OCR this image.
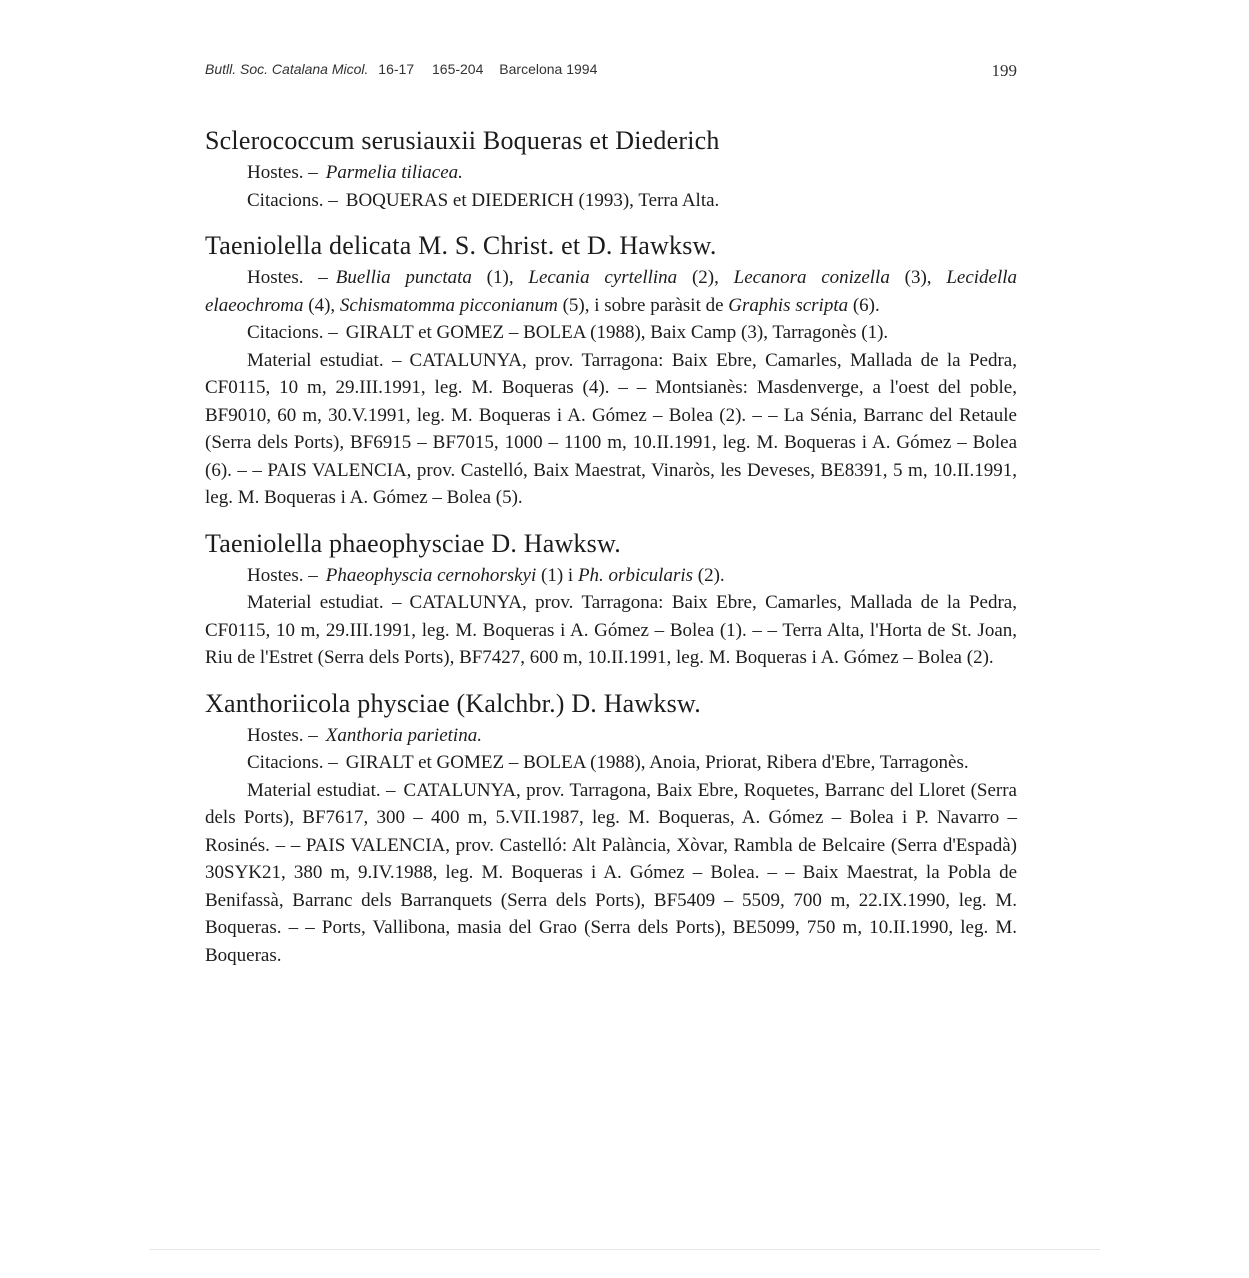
Butll. Soc. Catalana Micol. 16-17 165-204 Barcelona 1994	199
Sclerococcum serusiauxii Boqueras et Diederich

Hostes. – Parmelia tiliacea.

Citacions. – BOQUERAS et DIEDERICH (1993), Terra Alta.

Taeniolella delicata M. S. Christ. et D. Hawksw.

Hostes. – Buellia punctata (1), Lecania cyrtellina (2), Lecanora conizella (3), Lecidella elaeochroma (4), Schismatomma picconianum (5), i sobre paràsit de Graphis scripta (6).

Citacions. – GIRALT et GOMEZ – BOLEA (1988), Baix Camp (3), Tarragonès (1).

Material estudiat. – CATALUNYA, prov. Tarragona: Baix Ebre, Camarles, Mallada de la Pedra, CF0115, 10 m, 29.III.1991, leg. M. Boqueras (4). – – Montsianès: Masdenverge, a l'oest del poble, BF9010, 60 m, 30.V.1991, leg. M. Boqueras i A. Gómez – Bolea (2). – – La Sénia, Barranc del Retaule (Serra dels Ports), BF6915 – BF7015, 1000 – 1100 m, 10.II.1991, leg. M. Boqueras i A. Gómez – Bolea (6). – – PAIS VALENCIA, prov. Castelló, Baix Maestrat, Vinaròs, les Deveses, BE8391, 5 m, 10.II.1991, leg. M. Boqueras i A. Gómez – Bolea (5).

Taeniolella phaeophysciae D. Hawksw.

Hostes. – Phaeophyscia cernohorskyi (1) i Ph. orbicularis (2).

Material estudiat. – CATALUNYA, prov. Tarragona: Baix Ebre, Camarles, Mallada de la Pedra, CF0115, 10 m, 29.III.1991, leg. M. Boqueras i A. Gómez – Bolea (1). – – Terra Alta, l'Horta de St. Joan, Riu de l'Estret (Serra dels Ports), BF7427, 600 m, 10.II.1991, leg. M. Boqueras i A. Gómez – Bolea (2).

Xanthoriicola physciae (Kalchbr.) D. Hawksw.

Hostes. – Xanthoria parietina.

Citacions. – GIRALT et GOMEZ – BOLEA (1988), Anoia, Priorat, Ribera d'Ebre, Tarragonès.

Material estudiat. – CATALUNYA, prov. Tarragona, Baix Ebre, Roquetes, Barranc del Lloret (Serra dels Ports), BF7617, 300 – 400 m, 5.VII.1987, leg. M. Boqueras, A. Gómez – Bolea i P. Navarro – Rosinés. – – PAIS VALENCIA, prov. Castelló: Alt Palància, Xòvar, Rambla de Belcaire (Serra d'Espadà) 30SYK21, 380 m, 9.IV.1988, leg. M. Boqueras i A. Gómez – Bolea. – – Baix Maestrat, la Pobla de Benifassà, Barranc dels Barranquets (Serra dels Ports), BF5409 – 5509, 700 m, 22.IX.1990, leg. M. Boqueras. – – Ports, Vallibona, masia del Grao (Serra dels Ports), BE5099, 750 m, 10.II.1990, leg. M. Boqueras.
